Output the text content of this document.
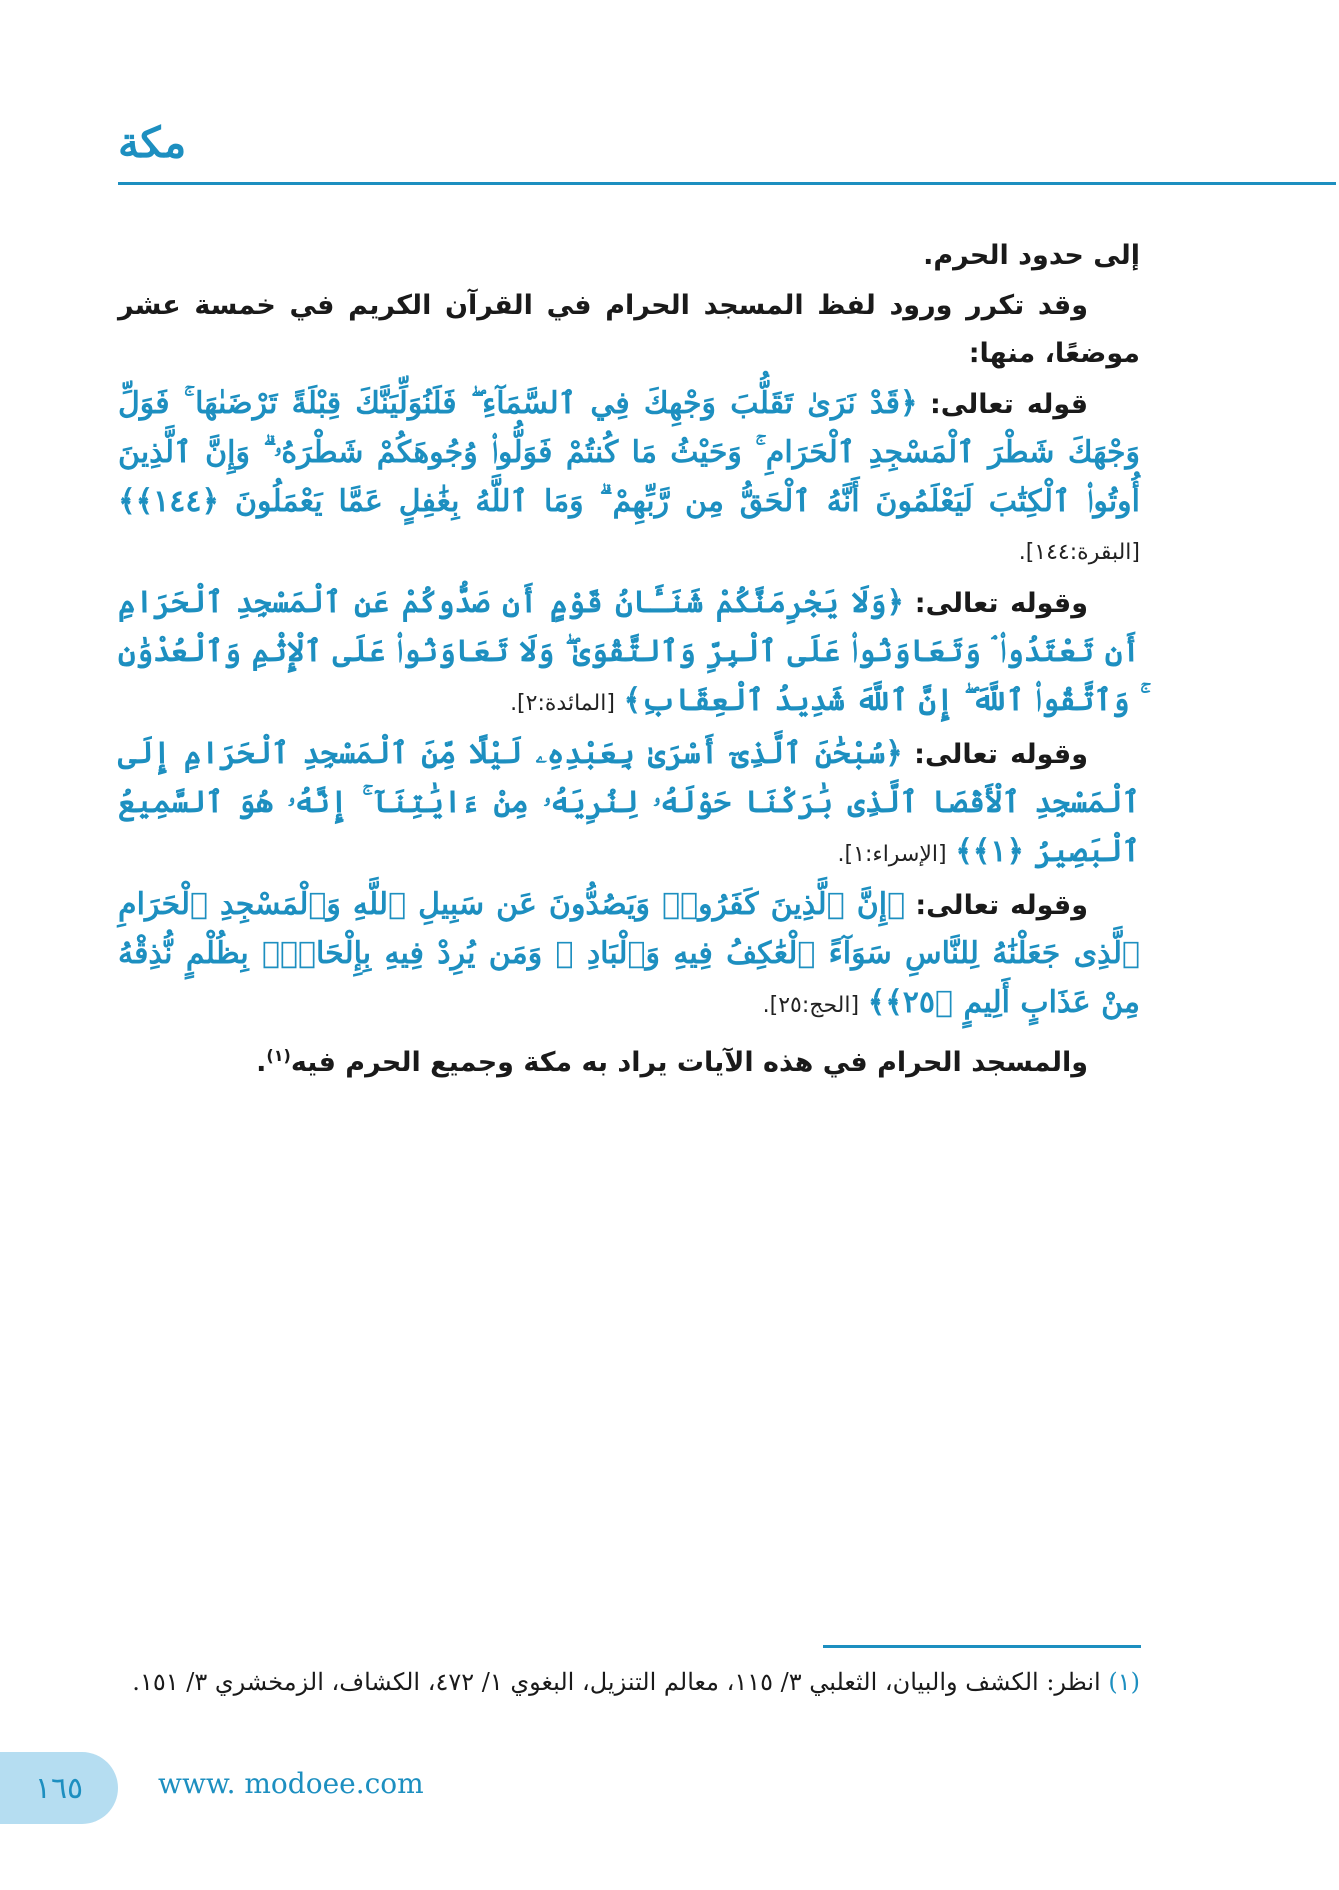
مكة

إلى حدود الحرم.

وقد تكرر ورود لفظ المسجد الحرام في القرآن الكريم في خمسة عشر موضعًا، منها:

قوله تعالى: ﴿قَدْ نَرَىٰ تَقَلُّبَ وَجْهِكَ فِي ٱلسَّمَآءِ ۖ فَلَنُوَلِّيَنَّكَ قِبْلَةً تَرْضَىٰهَا ۚ فَوَلِّ وَجْهَكَ شَطْرَ ٱلْمَسْجِدِ ٱلْحَرَامِ ۚ وَحَيْثُ مَا كُنتُمْ فَوَلُّوا۟ وُجُوهَكُمْ شَطْرَهُۥ ۗ وَإِنَّ ٱلَّذِينَ أُوتُوا۟ ٱلْكِتَٰبَ لَيَعْلَمُونَ أَنَّهُ ٱلْحَقُّ مِن رَّبِّهِمْ ۗ وَمَا ٱللَّهُ بِغَٰفِلٍ عَمَّا يَعْمَلُونَ ﴿١٤٤﴾﴾ [البقرة:١٤٤].

وقوله تعالى: ﴿وَلَا يَجْرِمَنَّكُمْ شَنَـَٔانُ قَوْمٍ أَن صَدُّوكُمْ عَنِ ٱلْمَسْجِدِ ٱلْحَرَامِ أَن تَعْتَدُوا۟ ۘ وَتَعَاوَنُوا۟ عَلَى ٱلْبِرِّ وَٱلتَّقْوَىٰ ۖ وَلَا تَعَاوَنُوا۟ عَلَى ٱلْإِثْمِ وَٱلْعُدْوَٰنِ ۚ وَٱتَّقُوا۟ ٱللَّهَ ۖ إِنَّ ٱللَّهَ شَدِيدُ ٱلْعِقَابِ﴾ [المائدة:٢].

وقوله تعالى: ﴿سُبْحَٰنَ ٱلَّذِىٓ أَسْرَىٰ بِعَبْدِهِۦ لَيْلًا مِّنَ ٱلْمَسْجِدِ ٱلْحَرَامِ إِلَى ٱلْمَسْجِدِ ٱلْأَقْصَا ٱلَّذِى بَٰرَكْنَا حَوْلَهُۥ لِنُرِيَهُۥ مِنْ ءَايَٰتِنَآ ۚ إِنَّهُۥ هُوَ ٱلسَّمِيعُ ٱلْبَصِيرُ ﴿١﴾﴾ [الإسراء:١].

وقوله تعالى: ﴿إِنَّ ٱلَّذِينَ كَفَرُوا۟ وَيَصُدُّونَ عَن سَبِيلِ ٱللَّهِ وَٱلْمَسْجِدِ ٱلْحَرَامِ ٱلَّذِى جَعَلْنَٰهُ لِلنَّاسِ سَوَآءً ٱلْعَٰكِفُ فِيهِ وَٱلْبَادِ ۚ وَمَن يُرِدْ فِيهِ بِإِلْحَادٍۭ بِظُلْمٍ نُّذِقْهُ مِنْ عَذَابٍ أَلِيمٍ ﴿٢٥﴾﴾ [الحج:٢٥].

والمسجد الحرام في هذه الآيات يراد به مكة وجميع الحرم فيه$^{(١)}$.

(١) انظر: الكشف والبيان، الثعلبي ٣/ ١١٥، معالم التنزيل، البغوي ١/ ٤٧٢، الكشاف، الزمخشري ٣/ ١٥١.
١٦٥	www. modoee.com
